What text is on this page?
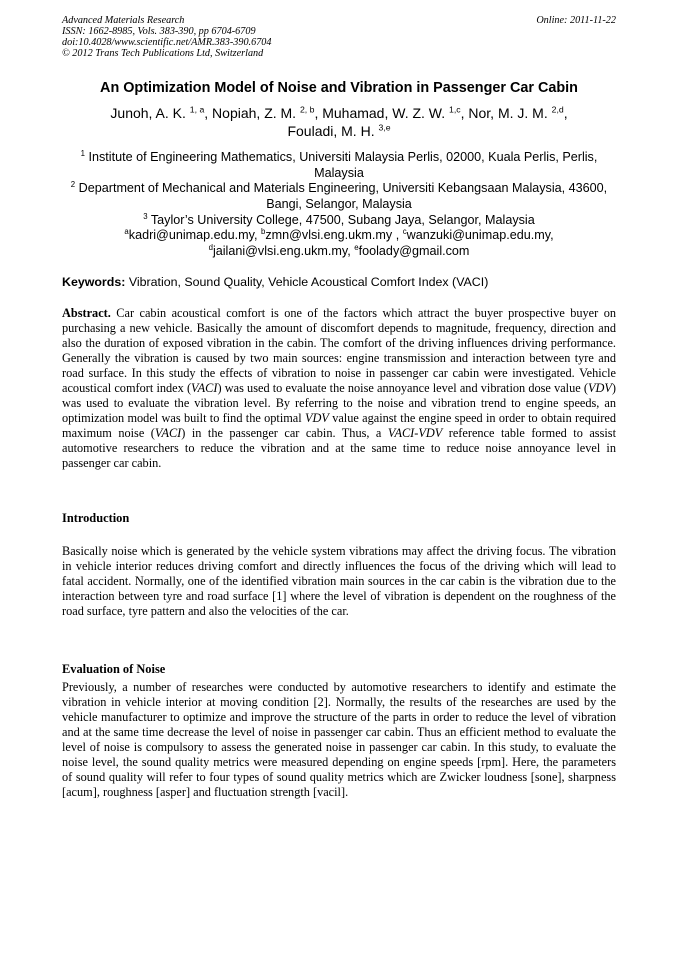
Advanced Materials Research
ISSN: 1662-8985, Vols. 383-390, pp 6704-6709
doi:10.4028/www.scientific.net/AMR.383-390.6704
© 2012 Trans Tech Publications Ltd, Switzerland
Online: 2011-11-22
An Optimization Model of Noise and Vibration in Passenger Car Cabin
Junoh, A. K. $^{1, a}$, Nopiah, Z. M. $^{2, b}$, Muhamad, W. Z. W. $^{1,c}$, Nor, M. J. M. $^{2,d}$,
Fouladi, M. H. $^{3,e}$
$^1$ Institute of Engineering Mathematics, Universiti Malaysia Perlis, 02000, Kuala Perlis, Perlis, Malaysia
$^2$ Department of Mechanical and Materials Engineering, Universiti Kebangsaan Malaysia, 43600, Bangi, Selangor, Malaysia
$^3$ Taylor’s University College, 47500, Subang Jaya, Selangor, Malaysia
$^a$kadri@unimap.edu.my, $^b$zmn@vlsi.eng.ukm.my , $^c$wanzuki@unimap.edu.my,
$^d$jailani@vlsi.eng.ukm.my, $^e$foolady@gmail.com
Keywords: Vibration, Sound Quality, Vehicle Acoustical Comfort Index (VACI)

Abstract. Car cabin acoustical comfort is one of the factors which attract the buyer prospective buyer on purchasing a new vehicle. Basically the amount of discomfort depends to magnitude, frequency, direction and also the duration of exposed vibration in the cabin. The comfort of the driving influences driving performance. Generally the vibration is caused by two main sources: engine transmission and interaction between tyre and road surface. In this study the effects of vibration to noise in passenger car cabin were investigated. Vehicle acoustical comfort index (VACI) was used to evaluate the noise annoyance level and vibration dose value (VDV) was used to evaluate the vibration level. By referring to the noise and vibration trend to engine speeds, an optimization model was built to find the optimal VDV value against the engine speed in order to obtain required maximum noise (VACI) in the passenger car cabin. Thus, a VACI-VDV reference table formed to assist automotive researchers to reduce the vibration and at the same time to reduce noise annoyance level in passenger car cabin.

Introduction

Basically noise which is generated by the vehicle system vibrations may affect the driving focus. The vibration in vehicle interior reduces driving comfort and directly influences the focus of the driving which will lead to fatal accident. Normally, one of the identified vibration main sources in the car cabin is the vibration due to the interaction between tyre and road surface [1] where the level of vibration is dependent on the roughness of the road surface, tyre pattern and also the velocities of the car.

Evaluation of Noise

Previously, a number of researches were conducted by automotive researchers to identify and estimate the vibration in vehicle interior at moving condition [2]. Normally, the results of the researches are used by the vehicle manufacturer to optimize and improve the structure of the parts in order to reduce the level of vibration and at the same time decrease the level of noise in passenger car cabin. Thus an efficient method to evaluate the level of noise is compulsory to assess the generated noise in passenger car cabin. In this study, to evaluate the noise level, the sound quality metrics were measured depending on engine speeds [rpm]. Here, the parameters of sound quality will refer to four types of sound quality metrics which are Zwicker loudness [sone], sharpness [acum], roughness [asper] and fluctuation strength [vacil].
